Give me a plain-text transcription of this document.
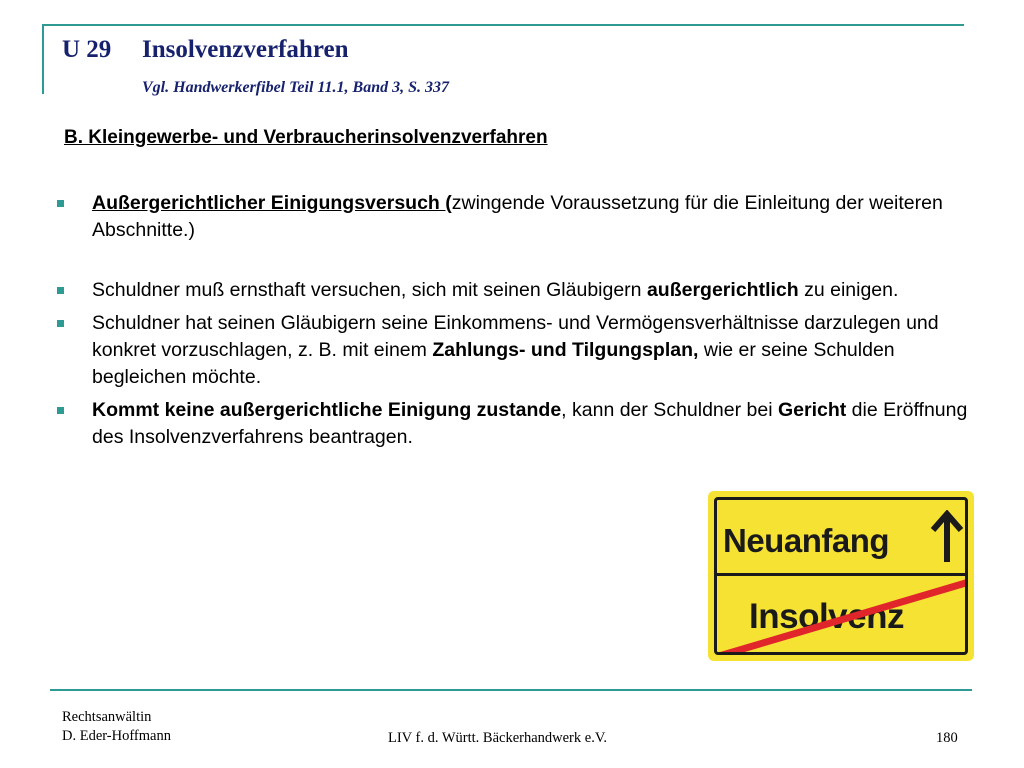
U 29 Insolvenzverfahren
Vgl. Handwerkerfibel Teil 11.1, Band 3, S. 337
B. Kleingewerbe- und Verbraucherinsolvenzverfahren
Außergerichtlicher Einigungsversuch (zwingende Voraussetzung für die Einleitung der weiteren Abschnitte.)
Schuldner muß ernsthaft versuchen, sich mit seinen Gläubigern außergerichtlich zu einigen.
Schuldner hat seinen Gläubigern seine Einkommens- und Vermögensverhältnisse darzulegen und konkret vorzuschlagen, z. B. mit einem Zahlungs- und Tilgungsplan, wie er seine Schulden begleichen möchte.
Kommt keine außergerichtliche Einigung zustande, kann der Schuldner bei Gericht die Eröffnung des Insolvenzverfahrens beantragen.
Neuanfang
Insolvenz
Rechtsanwältin
D. Eder-Hoffmann	LIV f. d. Württ. Bäckerhandwerk e.V.	180
